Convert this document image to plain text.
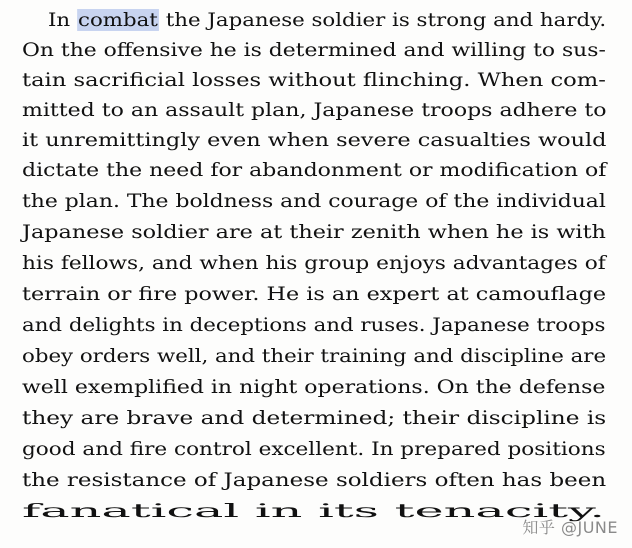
In combat the Japanese soldier is strong and hardy.
On the offensive he is determined and willing to sus-
tain sacrificial losses without flinching. When com-
mitted to an assault plan, Japanese troops adhere to
it unremittingly even when severe casualties would
dictate the need for abandonment or modification of
the plan. The boldness and courage of the individual
Japanese soldier are at their zenith when he is with
his fellows, and when his group enjoys advantages of
terrain or fire power. He is an expert at camouflage
and delights in deceptions and ruses. Japanese troops
obey orders well, and their training and discipline are
well exemplified in night operations. On the defense
they are brave and determined; their discipline is
good and fire control excellent. In prepared positions
the resistance of Japanese soldiers often has been
fanatical in its tenacity.
知乎 @JUNE
